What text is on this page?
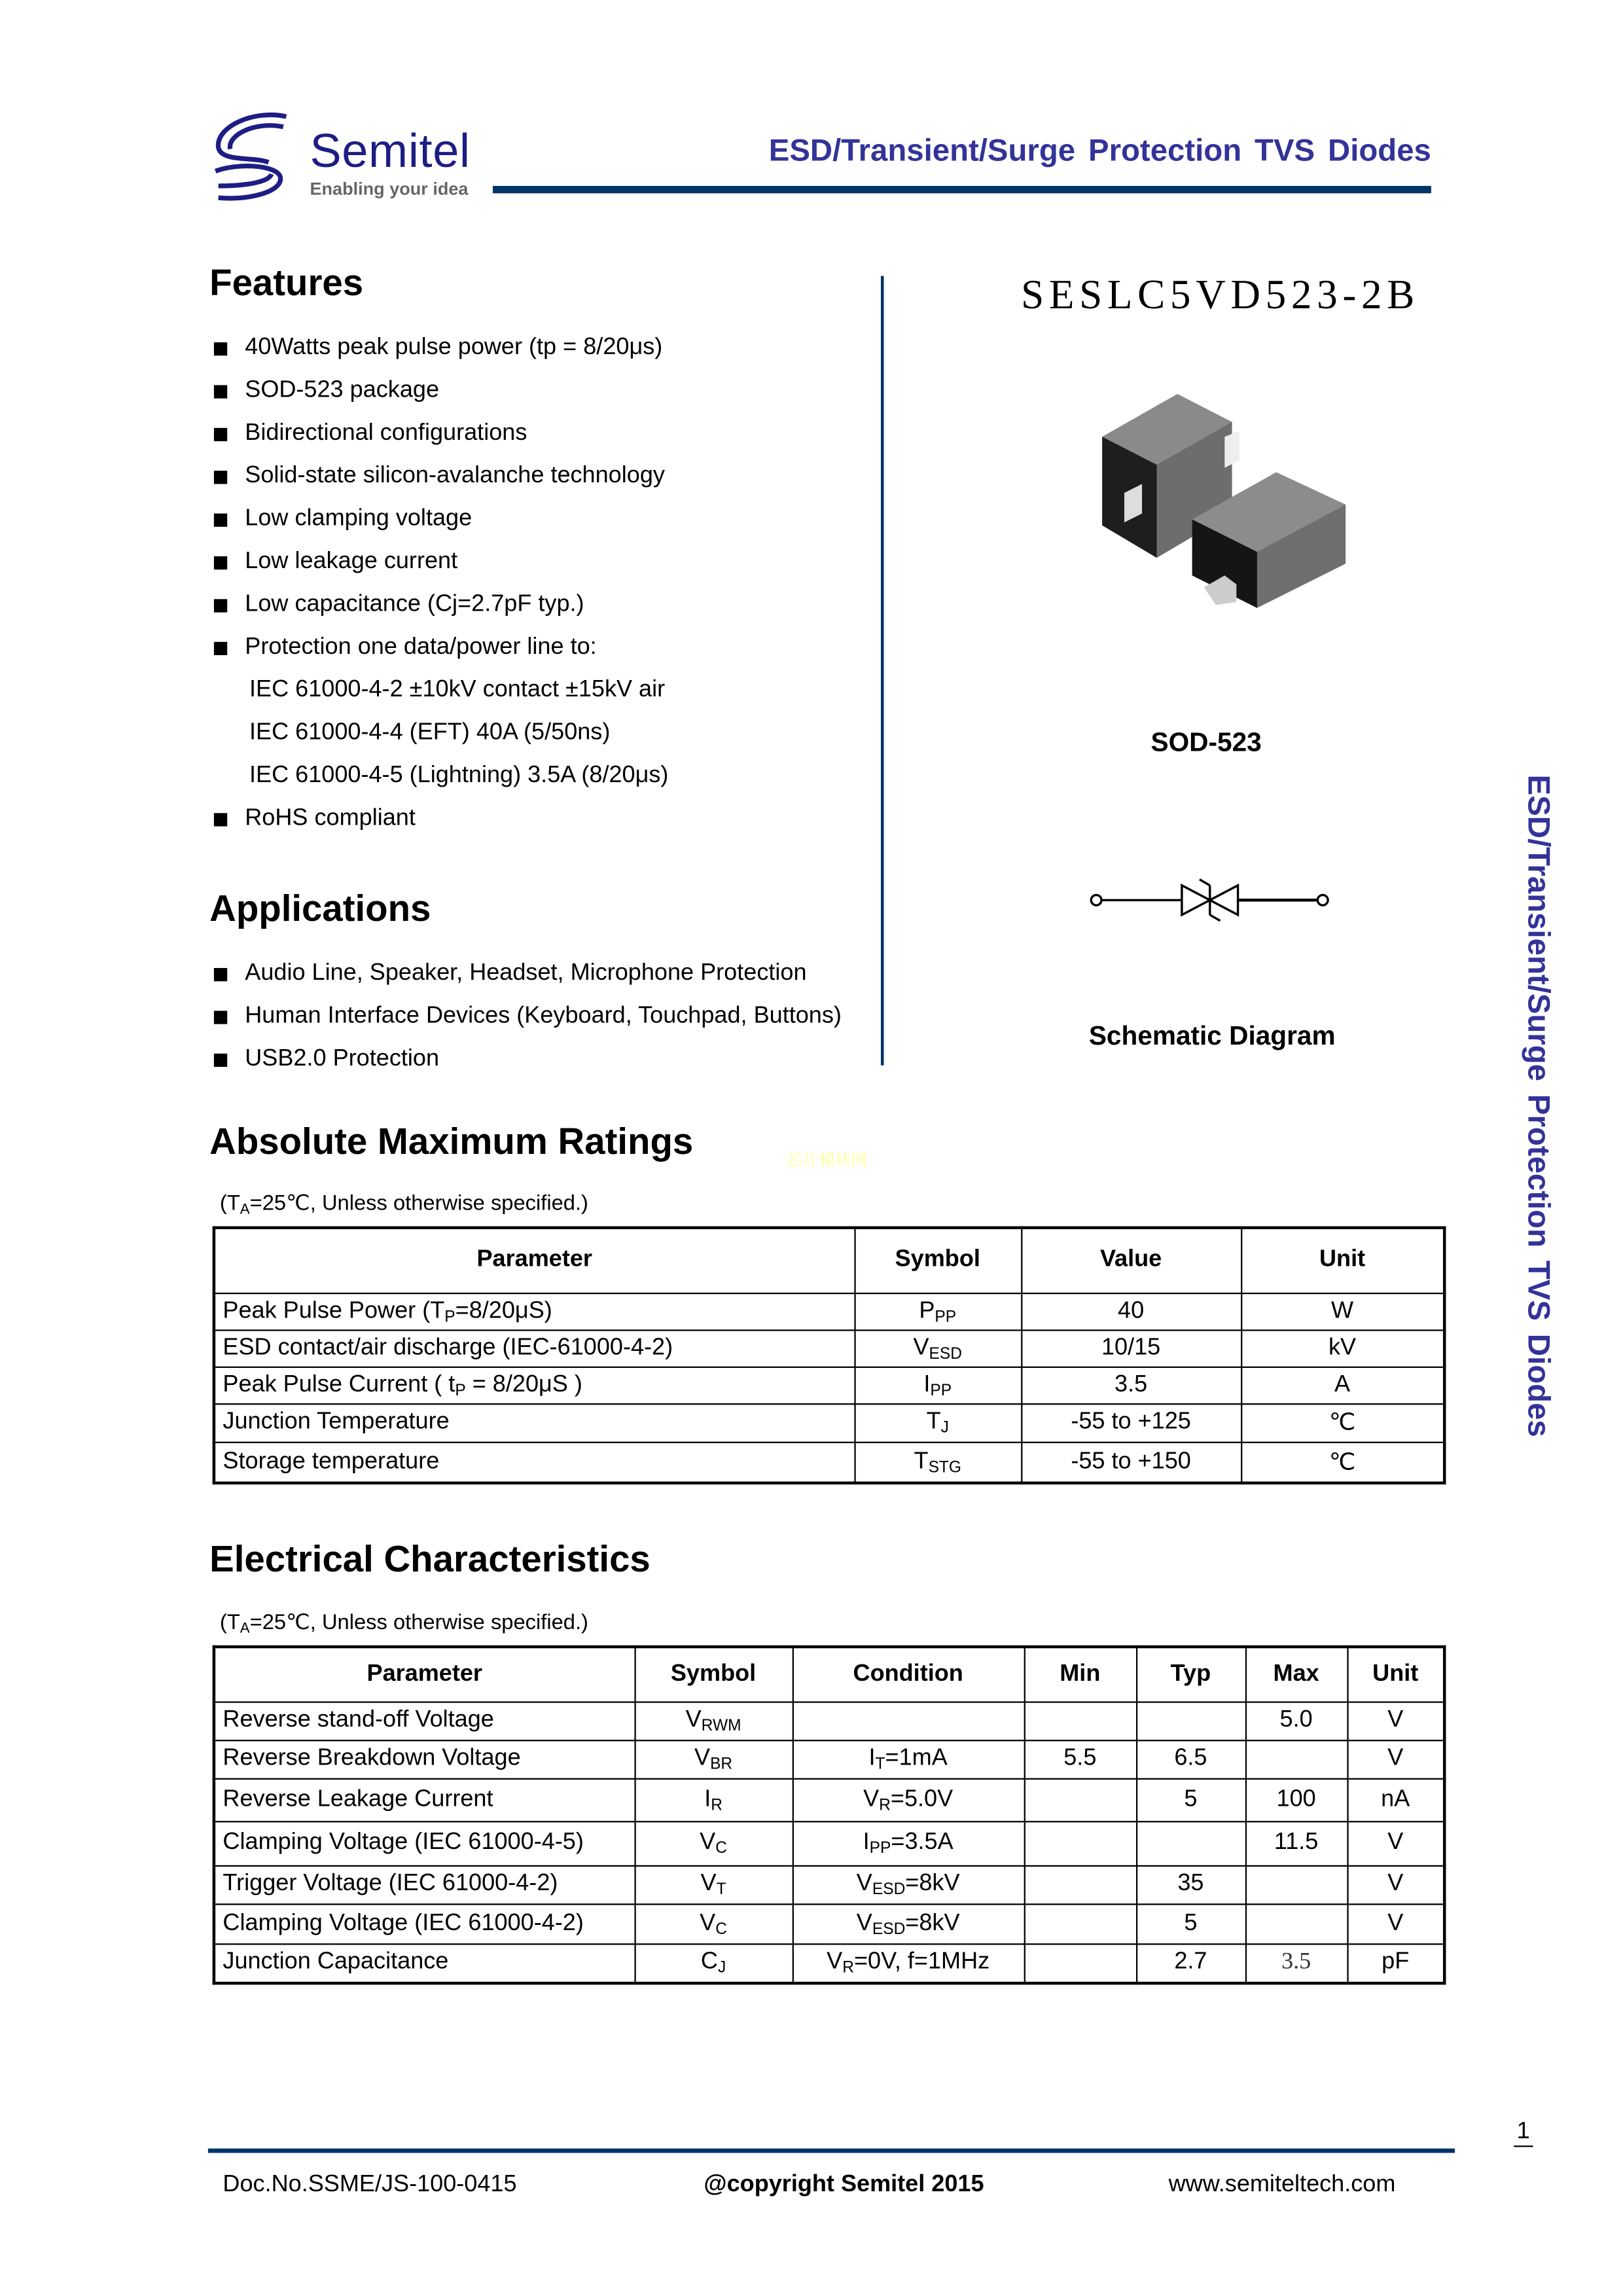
Semitel
Enabling your idea
ESD/Transient/Surge Protection TVS Diodes
Features
40Watts peak pulse power (tp = 8/20μs)
SOD-523 package
Bidirectional configurations
Solid-state silicon-avalanche technology
Low clamping voltage
Low leakage current
Low capacitance (Cj=2.7pF typ.)
Protection one data/power line to:
IEC 61000-4-2 ±10kV contact ±15kV air
IEC 61000-4-4 (EFT) 40A (5/50ns)
IEC 61000-4-5 (Lightning) 3.5A (8/20μs)
RoHS compliant
Applications
Audio Line, Speaker, Headset, Microphone Protection
Human Interface Devices (Keyboard, Touchpad, Buttons)
USB2.0 Protection
SESLC5VD523-2B
SOD-523
Schematic Diagram
Absolute Maximum Ratings	芯片模块网
($T_A=25℃$, Unless otherwise specified.)
Parameter	Symbol	Value	Unit
Peak Pulse Power $(T_P=8/20\mu S)$	$P_{PP}$	40	W
ESD contact/air discharge (IEC-61000-4-2)	$V_{ESD}$	10/15	kV
Peak Pulse Current ( $t_P = 8/20\mu S$ )	$I_{PP}$	3.5	A
Junction Temperature	$T_J$	-55 to +125	℃
Storage temperature	$T_{STG}$	-55 to +150	℃
Electrical Characteristics
($T_A=25℃$, Unless otherwise specified.)
Parameter	Symbol	Condition	Min	Typ	Max	Unit
Reverse stand-off Voltage	$V_{RWM}$				5.0	V
Reverse Breakdown Voltage	$V_{BR}$	$I_T=1mA$	5.5	6.5		V
Reverse Leakage Current	$I_R$	$V_R=5.0V$		5	100	nA
Clamping Voltage (IEC 61000-4-5)	$V_C$	$I_{PP}=3.5A$			11.5	V
Trigger Voltage (IEC 61000-4-2)	$V_T$	$V_{ESD}=8kV$		35		V
Clamping Voltage (IEC 61000-4-2)	$V_C$	$V_{ESD}=8kV$		5		V
Junction Capacitance	$C_J$	$V_R=0V$, f=1MHz		2.7	3.5	pF
ESD/Transient/Surge Protection TVS Diodes
1
Doc.No.SSME/JS-100-0415	@copyright Semitel 2015	www.semiteltech.com
